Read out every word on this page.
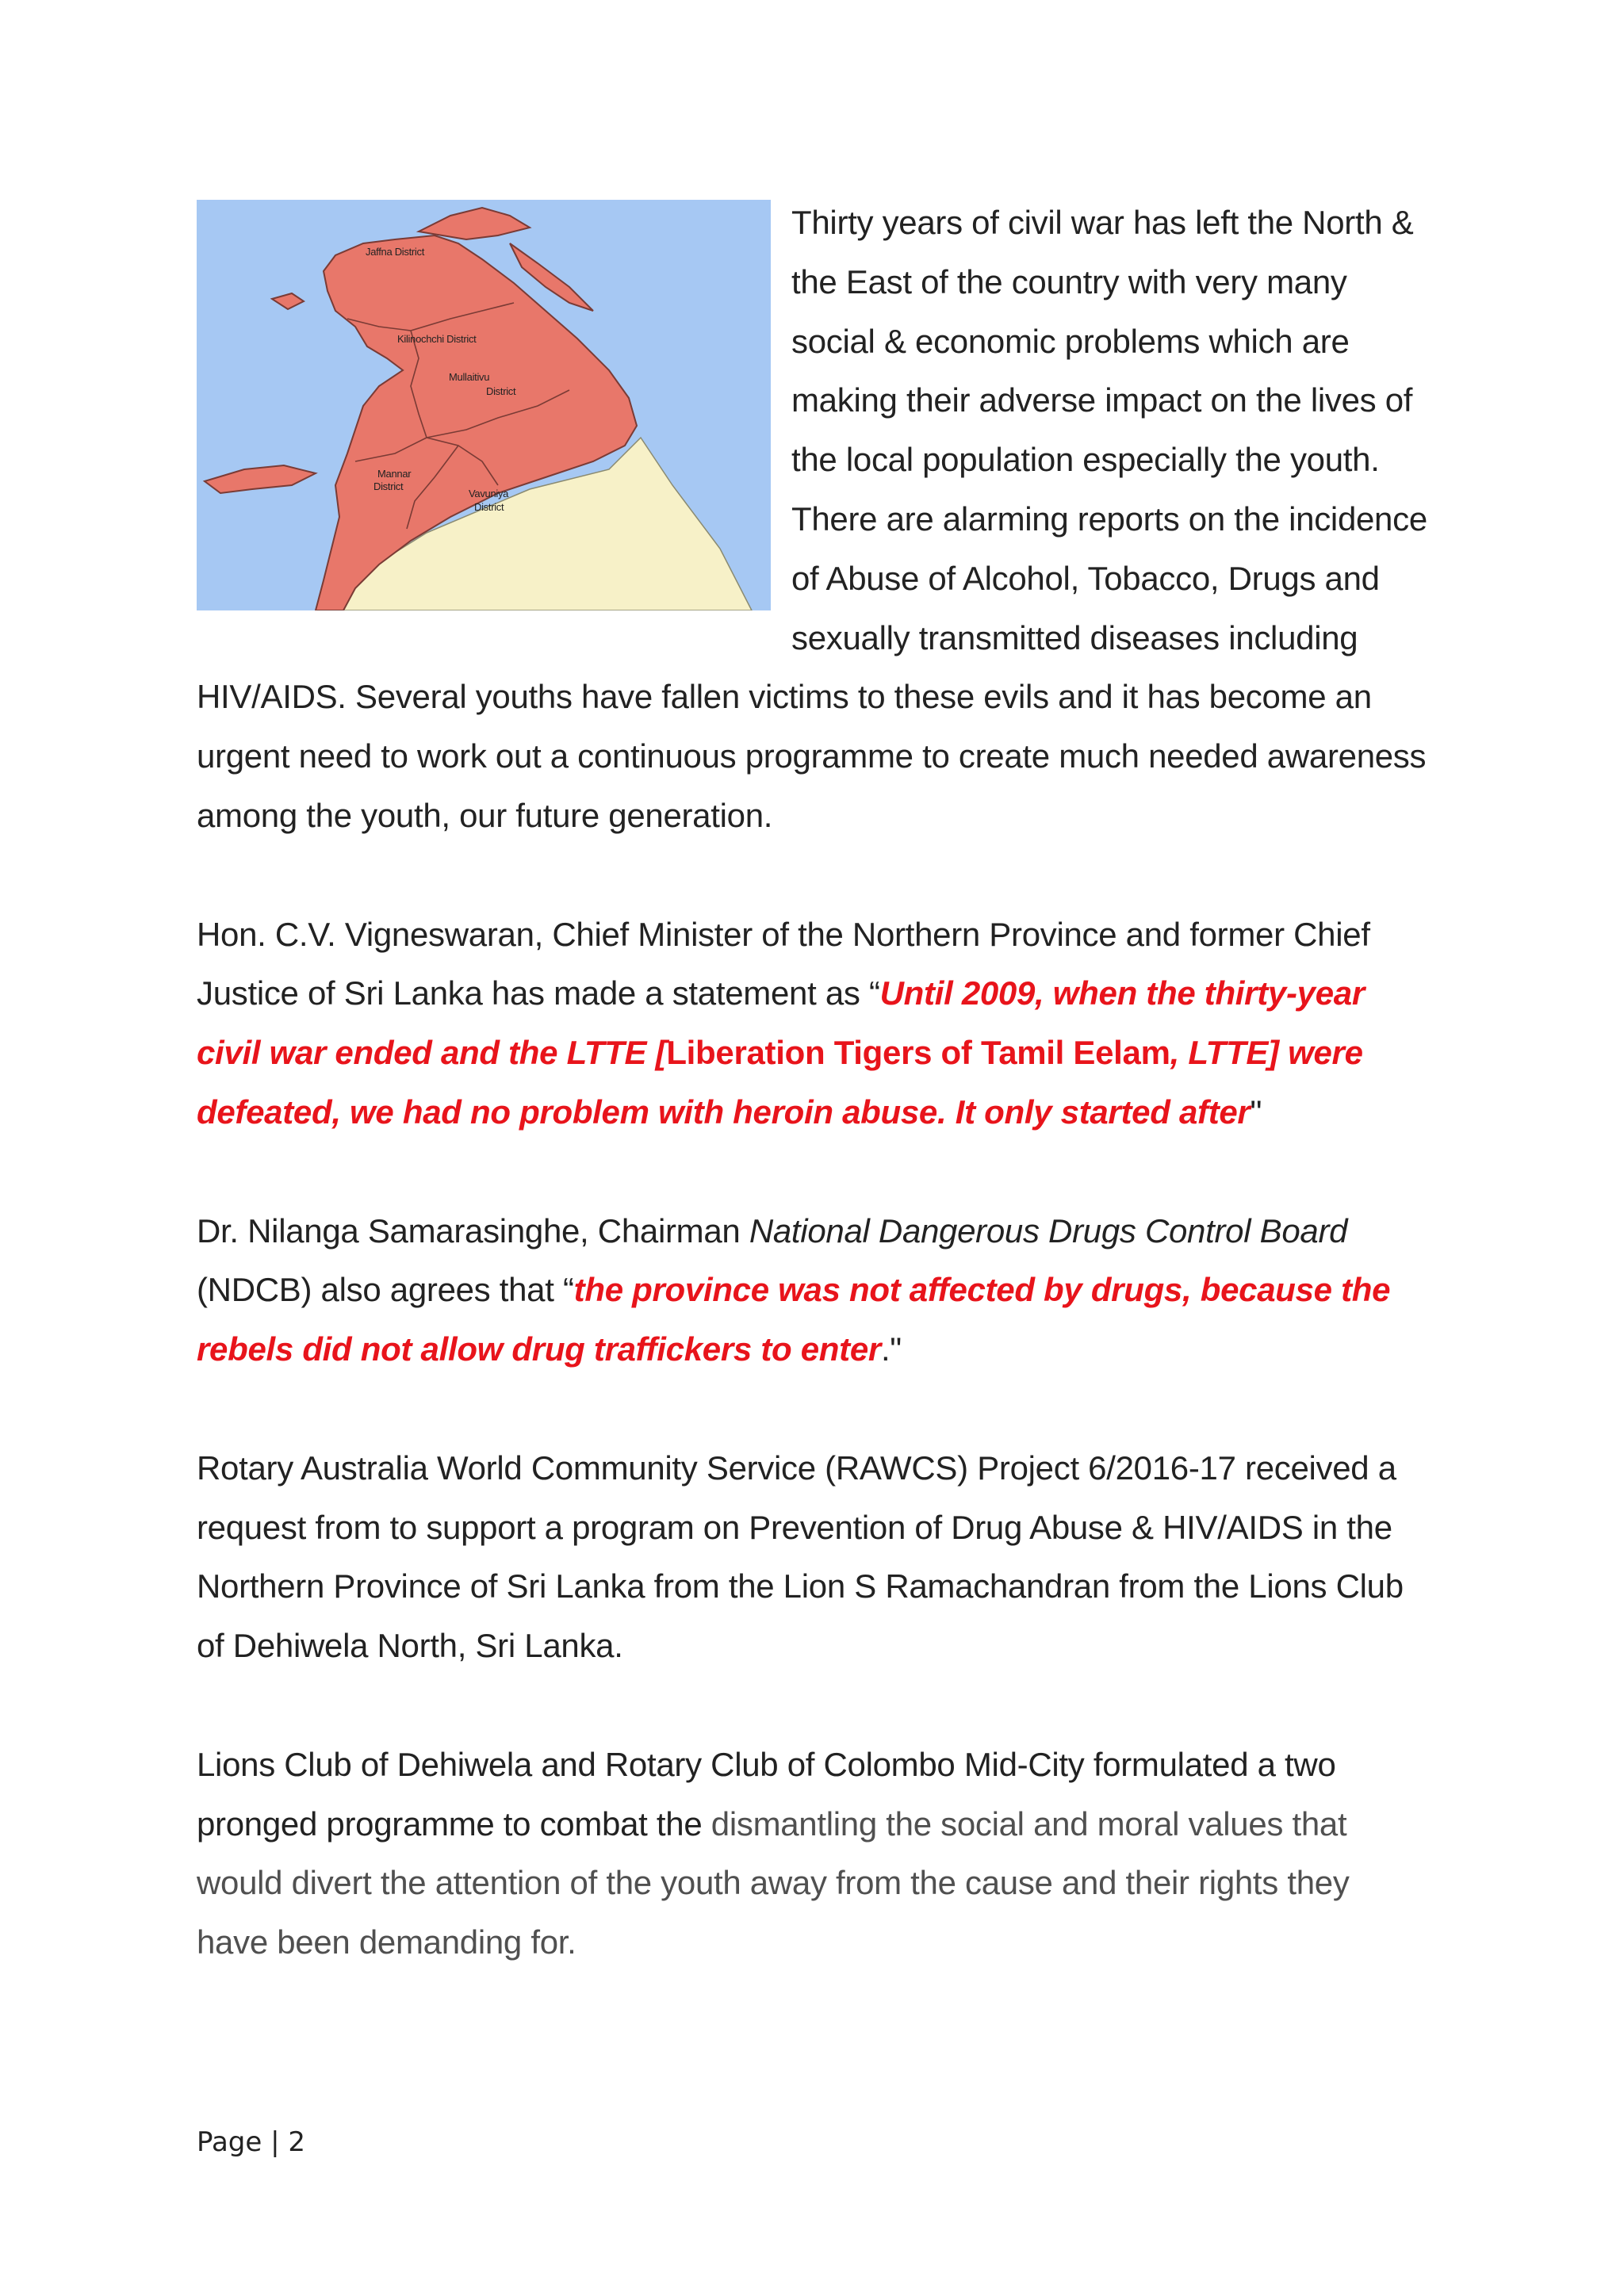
Jaffna District
Kilinochchi District
Mullaitivu
District
Mannar
District
Vavuniya
District

Thirty years of civil war has left the North & the East of the country with very many social & economic problems which are making their adverse impact on the lives of the local population especially the youth. There are alarming reports on the incidence of Abuse of Alcohol, Tobacco, Drugs and sexually transmitted diseases including HIV/AIDS. Several youths have fallen victims to these evils and it has become an urgent need to work out a continuous programme to create much needed awareness among the youth, our future generation.

Hon. C.V. Vigneswaran, Chief Minister of the Northern Province and former Chief Justice of Sri Lanka has made a statement as “Until 2009, when the thirty-year civil war ended and the LTTE [Liberation Tigers of Tamil Eelam, LTTE] were defeated, we had no problem with heroin abuse. It only started after"

Dr. Nilanga Samarasinghe, Chairman National Dangerous Drugs Control Board (NDCB) also agrees that “the province was not affected by drugs, because the rebels did not allow drug traffickers to enter."

Rotary Australia World Community Service (RAWCS) Project 6/2016-17 received a request from to support a program on Prevention of Drug Abuse & HIV/AIDS in the Northern Province of Sri Lanka from the Lion S Ramachandran from the Lions Club of Dehiwela North, Sri Lanka.

Lions Club of Dehiwela and Rotary Club of Colombo Mid-City formulated a two pronged programme to combat the dismantling the social and moral values that would divert the attention of the youth away from the cause and their rights they have been demanding for.

Page | 2
